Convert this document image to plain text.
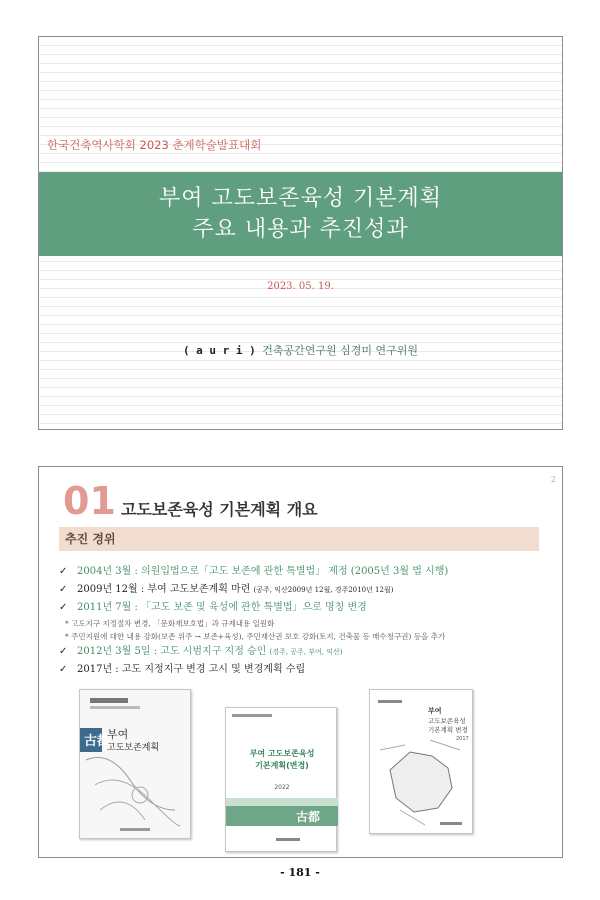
한국건축역사학회 2023 춘계학술발표대회
부여 고도보존육성 기본계획
주요 내용과 추진성과
2023. 05. 19.
( a u r i ) 건축공간연구원 심경미 연구위원
2
01 고도보존육성 기본계획 개요
추진 경위
✓ 2004년 3월 : 의원입법으로「고도 보존에 관한 특별법」 제정 (2005년 3월 법 시행)
✓ 2009년 12월 : 부여 고도보존계획 마련 (공주, 익산2009년 12월, 경주2010년 12월)
✓ 2011년 7월 : 「고도 보존 및 육성에 관한 특별법」으로 명칭 변경
* 고도지구 지정절차 변경, 「문화재보호법」과 규제내용 일원화
* 주민지원에 대한 내용 강화(보존 위주 → 보존+육성), 주민재산권 보호 강화(토지, 건축물 등 매수청구권) 등을 추가
✓ 2012년 3월 5일 : 고도 시범지구 지정 승인 (경주, 공주, 부여, 익산)
✓ 2017년 : 고도 지정지구 변경 고시 및 변경계획 수립
古都
부여
고도보존계획
부여 고도보존육성
기본계획(변경)
2022
古都
부여
고도보존육성
기본계획 변경
2017
- 181 -
